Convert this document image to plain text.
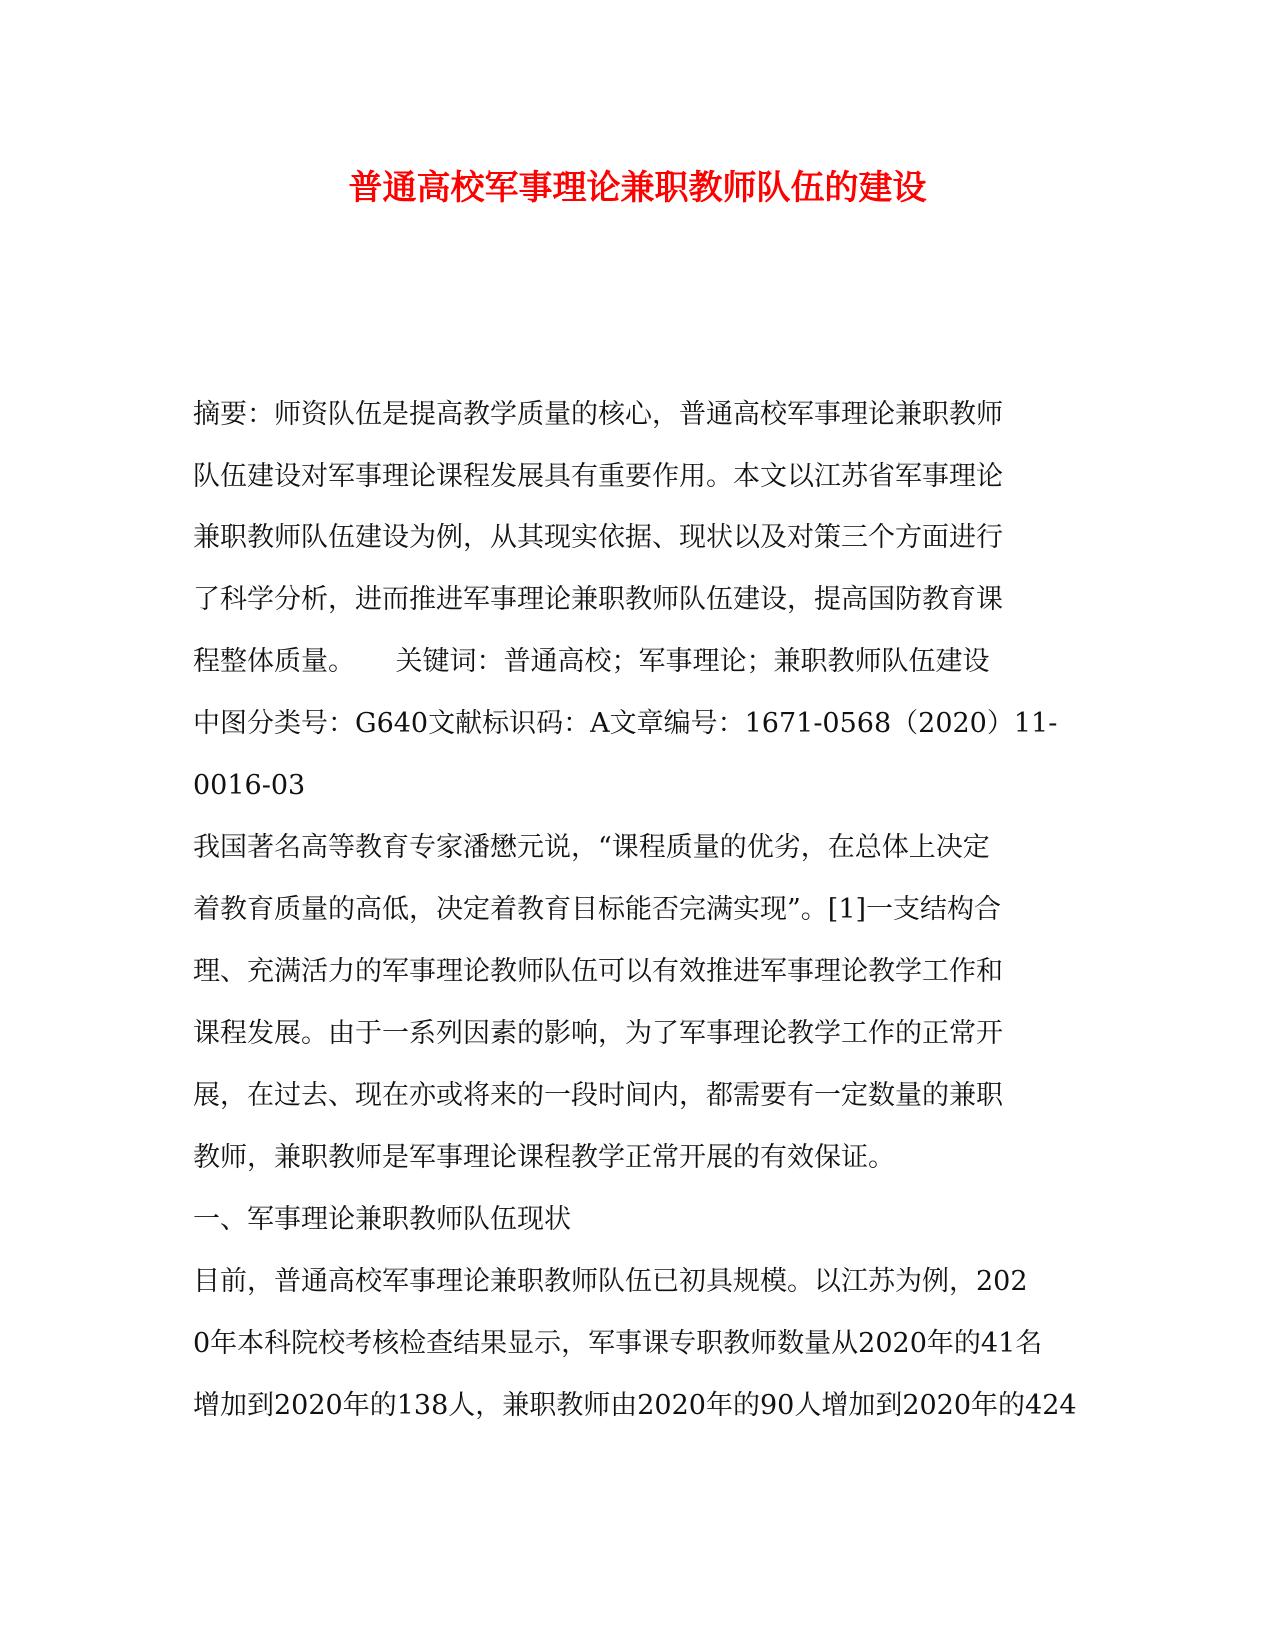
普通高校军事理论兼职教师队伍的建设
摘要：师资队伍是提高教学质量的核心，普通高校军事理论兼职教师
队伍建设对军事理论课程发展具有重要作用。本文以江苏省军事理论
兼职教师队伍建设为例，从其现实依据、现状以及对策三个方面进行
了科学分析，进而推进军事理论兼职教师队伍建设，提高国防教育课
程整体质量。　　关键词：普通高校；军事理论；兼职教师队伍建设
中图分类号：G640文献标识码：A文章编号：1671-0568（2020）11-
0016-03
我国著名高等教育专家潘懋元说，“课程质量的优劣，在总体上决定
着教育质量的高低，决定着教育目标能否完满实现”。[1]一支结构合
理、充满活力的军事理论教师队伍可以有效推进军事理论教学工作和
课程发展。由于一系列因素的影响，为了军事理论教学工作的正常开
展，在过去、现在亦或将来的一段时间内，都需要有一定数量的兼职
教师，兼职教师是军事理论课程教学正常开展的有效保证。
一、军事理论兼职教师队伍现状
目前，普通高校军事理论兼职教师队伍已初具规模。以江苏为例，202
0年本科院校考核检查结果显示，军事课专职教师数量从2020年的41名
增加到2020年的138人，兼职教师由2020年的90人增加到2020年的424
